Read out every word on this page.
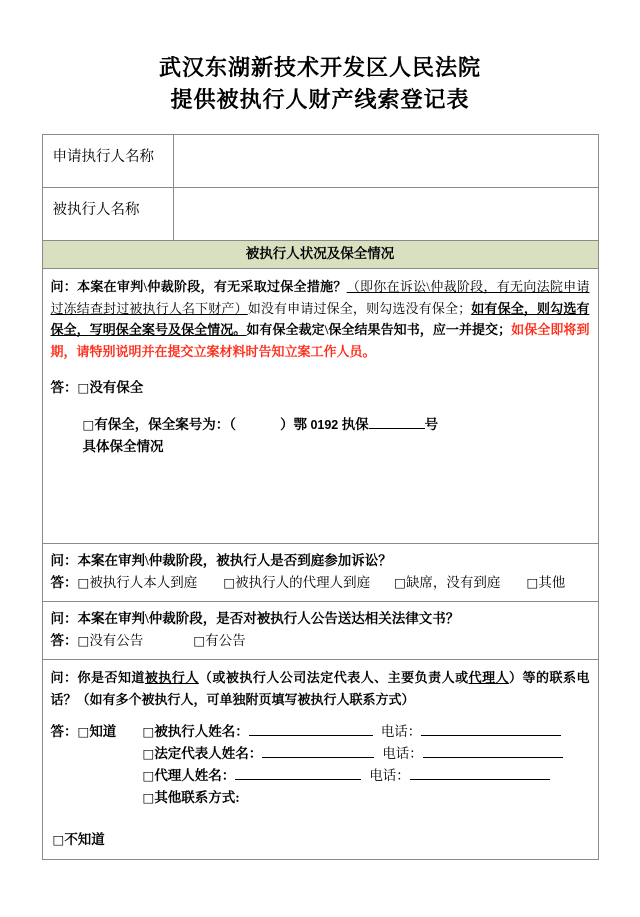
武汉东湖新技术开发区人民法院
提供被执行人财产线索登记表
申请执行人名称	
被执行人名称	
被执行人状况及保全情况	

问：本案在审判\仲裁阶段，有无采取过保全措施？（即你在诉讼\仲裁阶段，有无向法院申请过冻结查封过被执行人名下财产）如没有申请过保全，则勾选没有保全；如有保全，则勾选有保全，写明保全案号及保全情况。如有保全裁定\保全结果告知书，应一并提交；如保全即将到期，请特别说明并在提交立案材料时告知立案工作人员。
答：□没有保全
□有保全，保全案号为：（ ）鄂 0192 执保 号
具体保全情况	

问：本案在审判\仲裁阶段，被执行人是否到庭参加诉讼？
答：□被执行人本人到庭 □被执行人的代理人到庭 □缺席，没有到庭 □其他	

问：本案在审判\仲裁阶段，是否对被执行人公告送达相关法律文书？
答：□没有公告 □有公告	

问：你是否知道被执行人（或被执行人公司法定代表人、主要负责人或代理人）等的联系电话？（如有多个被执行人，可单独附页填写被执行人联系方式）
答：□知道 □被执行人姓名：	电话：
□法定代表人姓名：	电话：
□代理人姓名：	电话：
□其他联系方式:
□不知道
